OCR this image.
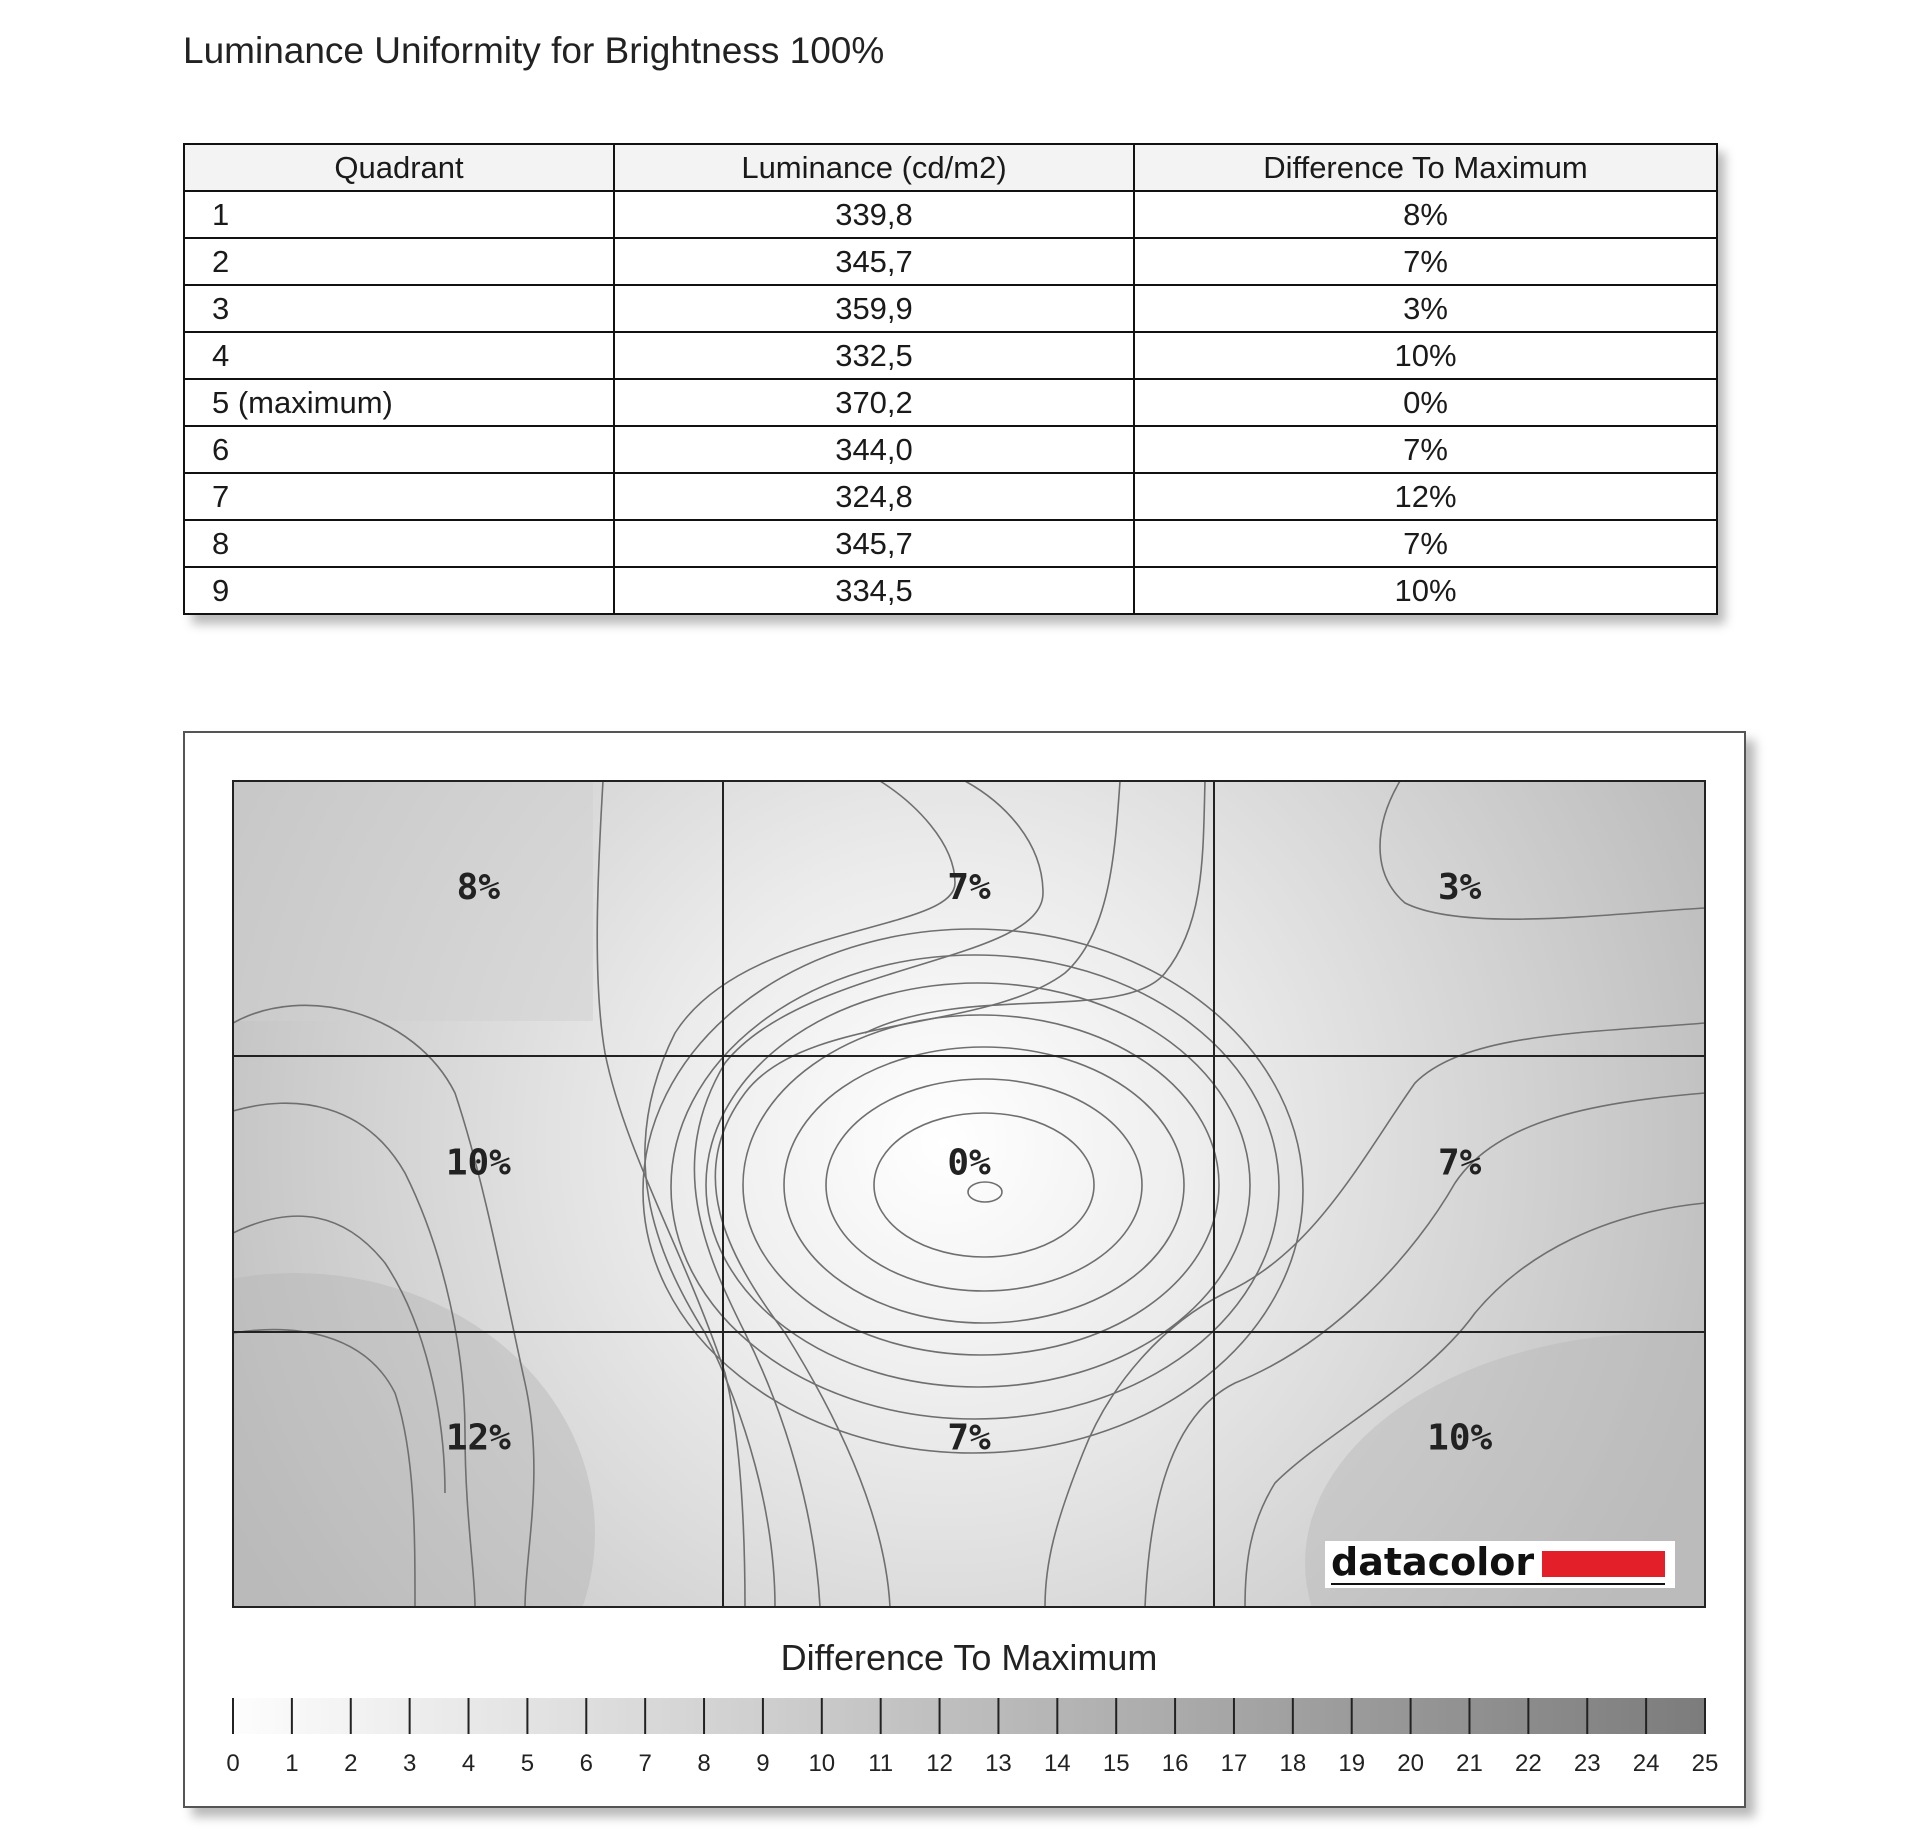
Luminance Uniformity for Brightness 100%
Quadrant	Luminance (cd/m2)	Difference To Maximum
1	339,8	8%
2	345,7	7%
3	359,9	3%
4	332,5	10%
5 (maximum)	370,2	0%
6	344,0	7%
7	324,8	12%
8	345,7	7%
9	334,5	10%
8%	7%	3%
10%	0%	7%
12%	7%	10%
datacolor
Difference To Maximum
0 1 2 3 4 5 6 7 8 9 10 11 12 13 14 15 16 17 18 19 20 21 22 23 24 25
